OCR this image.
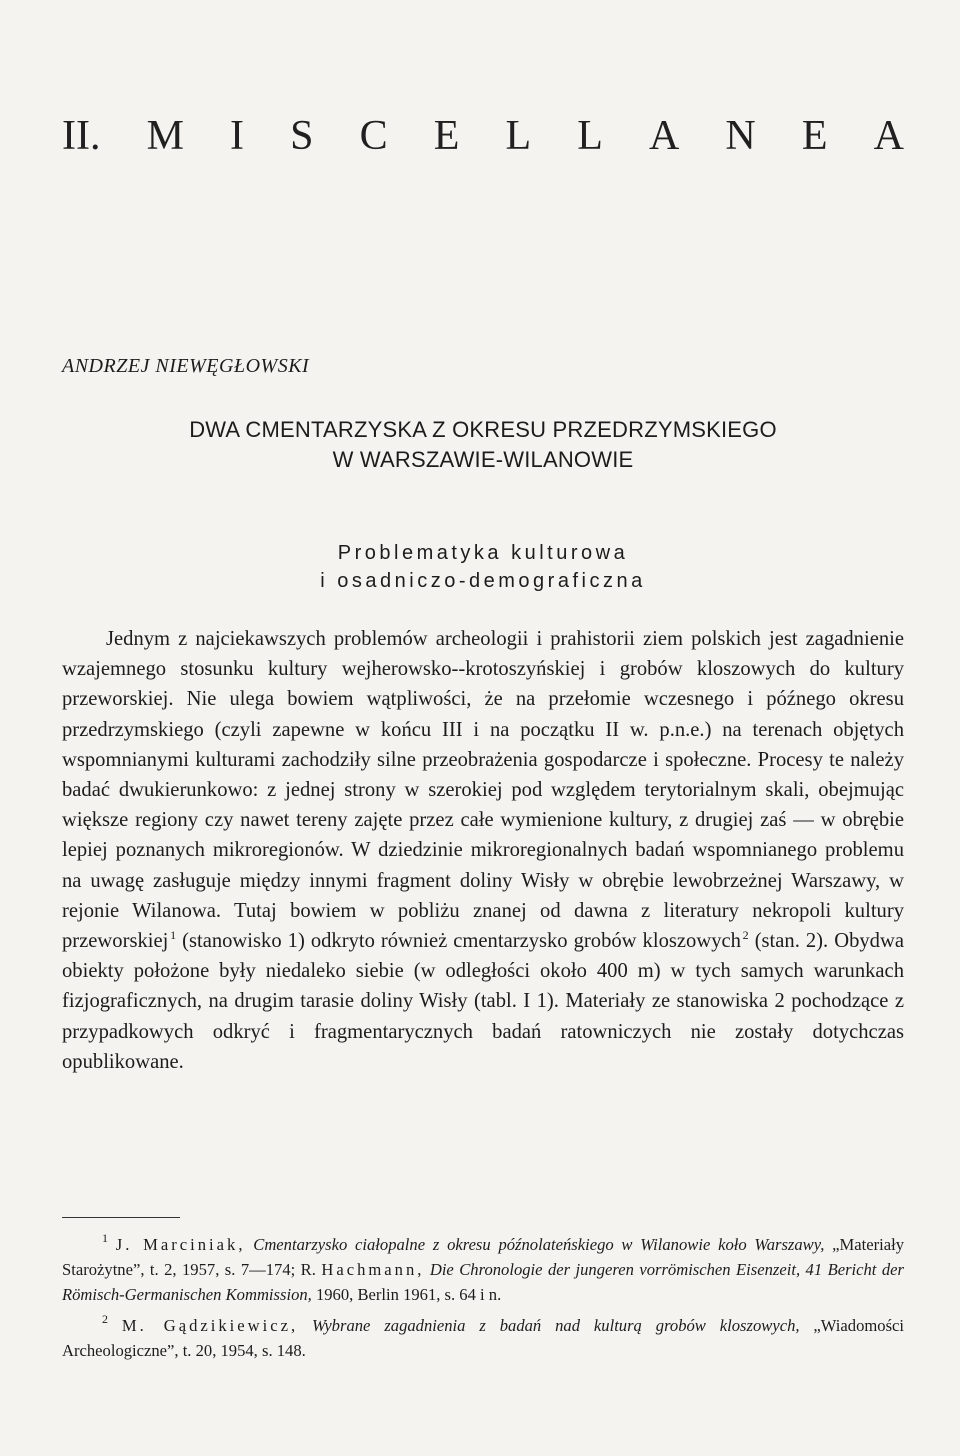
II. M I S C E L L A N E A
ANDRZEJ NIEWĘGŁOWSKI
DWA CMENTARZYSKA Z OKRESU PRZEDRZYMSKIEGO
W WARSZAWIE-WILANOWIE
Problematyka kulturowa
i osadniczo-demograficzna

Jednym z najciekawszych problemów archeologii i prahistorii ziem polskich jest zagadnienie wzajemnego stosunku kultury wejherowsko--krotoszyńskiej i grobów kloszowych do kultury przeworskiej. Nie ulega bowiem wątpliwości, że na przełomie wczesnego i późnego okresu przedrzymskiego (czyli zapewne w końcu III i na początku II w. p.n.e.) na terenach objętych wspomnianymi kulturami zachodziły silne przeobrażenia gospodarcze i społeczne. Procesy te należy badać dwukierunkowo: z jednej strony w szerokiej pod względem terytorialnym skali, obejmując większe regiony czy nawet tereny zajęte przez całe wymienione kultury, z drugiej zaś — w obrębie lepiej poznanych mikroregionów. W dziedzinie mikroregionalnych badań wspomnianego problemu na uwagę zasługuje między innymi fragment doliny Wisły w obrębie lewobrzeżnej Warszawy, w rejonie Wilanowa. Tutaj bowiem w pobliżu znanej od dawna z literatury nekropoli kultury przeworskiej  $^1$ (stanowisko 1) odkryto również cmentarzysko grobów kloszowych  $^2$ (stan. 2). Obydwa obiekty położone były niedaleko siebie (w odległości około 400 m) w tych samych warunkach fizjograficznych, na drugim tarasie doliny Wisły (tabl. I 1). Materiały ze stanowiska 2 pochodzące z przypadkowych odkryć i fragmentarycznych badań ratowniczych nie zostały dotychczas opublikowane.

$^1$ J. Marciniak, Cmentarzysko ciałopalne z okresu późnolateńskiego w Wilanowie koło Warszawy, „Materiały Starożytne”, t. 2, 1957, s. 7—174; R. Hachmann, Die Chronologie der jungeren vorrömischen Eisenzeit, 41 Bericht der Römisch-Germanischen Kommission, 1960, Berlin 1961, s. 64 i n.

$^2$ M. Gądzikiewicz, Wybrane zagadnienia z badań nad kulturą grobów kloszowych, „Wiadomości Archeologiczne”, t. 20, 1954, s. 148.
